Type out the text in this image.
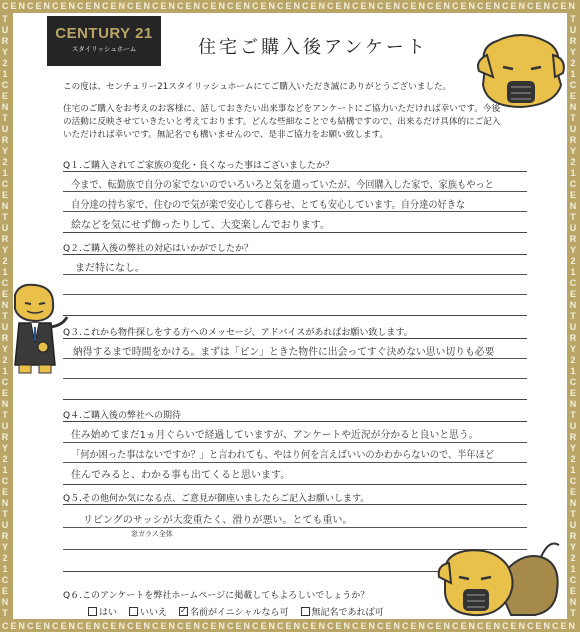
CENCENCENCENCENCENCENCENCENCENCENCENCENCENCENCENCENCENCENCENCENCENCEN
CENCENCENCENCENCENCENCENCENCENCENCENCENCENCENCENCENCENCENCENCENCENCEN
TURY21CENTURY21CENTURY21CENTURY21CENTURY21CENTURY21CENT
TURY21CENTURY21CENTURY21CENTURY21CENTURY21CENTURY21CENT
CENTURY 21
スタイリッシュホーム	住宅ご購入後アンケート
この度は、センチュリー21スタイリッシュホームにてご購入いただき誠にありがとうございました。
住宅のご購入をお考えのお客様に、話しておきたい出来事などをアンケートにご協力いただければ幸いです。今後の活動に反映させていきたいと考えております。どんな些細なことでも結構ですので、出来るだけ具体的にご記入いただければ幸いです。無記名でも構いませんので、是非ご協力をお願い致します。
Q１.ご購入されてご家族の変化・良くなった事はございましたか？
今まで、転勤族で自分の家でないのでいろいろと気を遣っていたが、今回購入した家で、家族もやっと
自分達の持ち家で、住むので気が楽で安心して暮らせ、とても安心しています。自分達の好きな
絵などを気にせず飾ったりして、大変楽しんでおります。
Q２.ご購入後の弊社の対応はいかがでしたか？
まだ特になし。
Q３.これから物件探しをする方へのメッセージ、アドバイスがあればお願い致します。
納得するまで時間をかける。まずは「ピン」ときた物件に出会ってすぐ決めない思い切りも必要
Q４.ご購入後の弊社への期待
住み始めてまだ1ヵ月ぐらいで経過していますが、アンケートや近況が分かると良いと思う。
「何か困った事はないですか？」と言われても、やはり何を言えばいいのかわからないので、半年ほど
住んでみると、わかる事も出てくると思います。
Q５.その他何か気になる点、ご意見が御座いましたらご記入お願いします。
リビングのサッシが大変重たく、滑りが悪い。とても重い。
窓ガラス全体
Q６.このアンケートを弊社ホームページに掲載してもよろしいでしょうか？
はい	いいえ
✓	名前がイニシャルなら可	無記名であれば可
